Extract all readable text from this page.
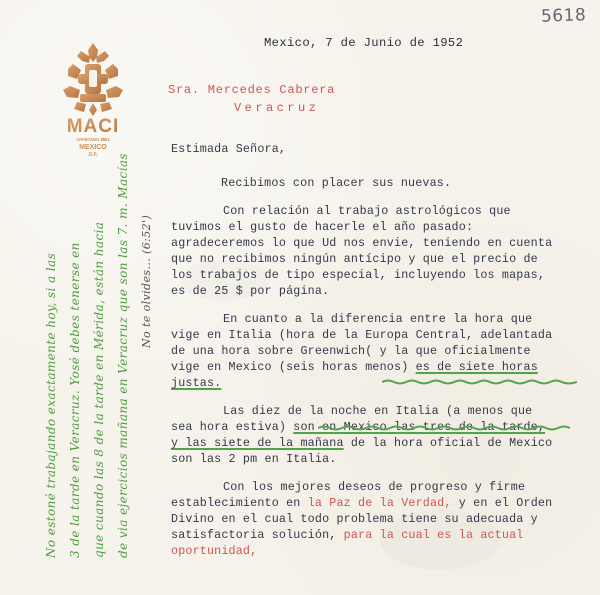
5618
MACI
APARTADO 8501
MEXICO
D.F.
No estoné trabajando exactamente hoy, si a las 3 de la tarde en Veracruz. Yosé debes tenerse en que cuando las 8 de la tarde en Mérida, están hacia de via ejercicios mañana en Veracruz que son las 7. m. Macías No te olvides... (6:52')
Mexico, 7 de Junio de 1952
Sra. Mercedes Cabrera
Veracruz

Estimada Señora,

Recibimos con placer sus nuevas.

Con relación al trabajo astrológicos que tuvimos el gusto de hacerle el año pasado: agradeceremos lo que Ud nos envie, teniendo en cuenta que no recibimos ningún antícipo y que el precio de los trabajos de tipo especial, incluyendo los mapas, es de 25 $ por página.

En cuanto a la diferencia entre la hora que vige en Italia (hora de la Europa Central, adelantada de una hora sobre Greenwich( y la que oficialmente vige en Mexico (seis horas menos) es de siete horas justas.

Las diez de la noche en Italia (a menos que sea hora estiva) son en Mexico las tres de la tarde, y las siete de la mañana de la hora oficial de Mexico son las 2 pm en Italia.

Con los mejores deseos de progreso y firme establecimiento en la Paz de la Verdad, y en el Orden Divino en el cual todo problema tiene su adecuada y satisfactoria solución, para la cual es la actual oportunidad,
